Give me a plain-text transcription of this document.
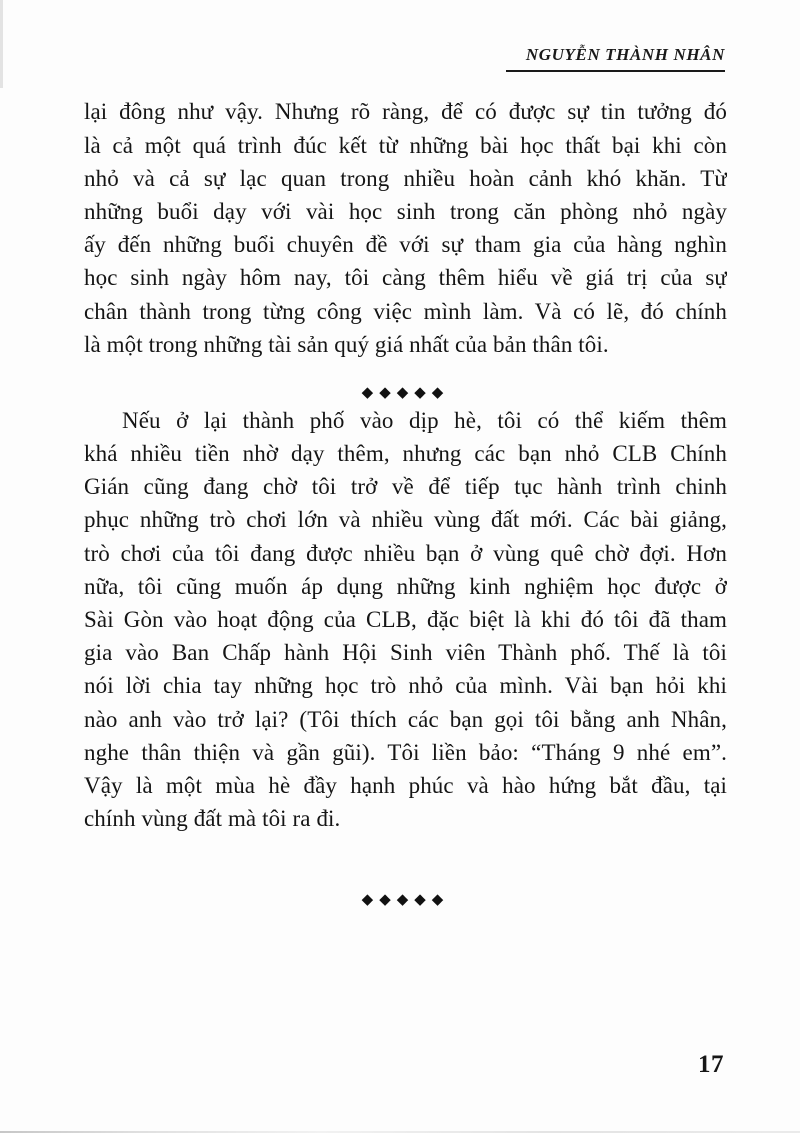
NGUYỄN THÀNH NHÂN
lại đông như vậy. Nhưng rõ ràng, để có được sự tin tưởng đó
là cả một quá trình đúc kết từ những bài học thất bại khi còn
nhỏ và cả sự lạc quan trong nhiều hoàn cảnh khó khăn. Từ
những buổi dạy với vài học sinh trong căn phòng nhỏ ngày
ấy đến những buổi chuyên đề với sự tham gia của hàng nghìn
học sinh ngày hôm nay, tôi càng thêm hiểu về giá trị của sự
chân thành trong từng công việc mình làm. Và có lẽ, đó chính
là một trong những tài sản quý giá nhất của bản thân tôi.
◆◆◆◆◆
Nếu ở lại thành phố vào dịp hè, tôi có thể kiếm thêm
khá nhiều tiền nhờ dạy thêm, nhưng các bạn nhỏ CLB Chính
Gián cũng đang chờ tôi trở về để tiếp tục hành trình chinh
phục những trò chơi lớn và nhiều vùng đất mới. Các bài giảng,
trò chơi của tôi đang được nhiều bạn ở vùng quê chờ đợi. Hơn
nữa, tôi cũng muốn áp dụng những kinh nghiệm học được ở
Sài Gòn vào hoạt động của CLB, đặc biệt là khi đó tôi đã tham
gia vào Ban Chấp hành Hội Sinh viên Thành phố. Thế là tôi
nói lời chia tay những học trò nhỏ của mình. Vài bạn hỏi khi
nào anh vào trở lại? (Tôi thích các bạn gọi tôi bằng anh Nhân,
nghe thân thiện và gần gũi). Tôi liền bảo: “Tháng 9 nhé em”.
Vậy là một mùa hè đầy hạnh phúc và hào hứng bắt đầu, tại
chính vùng đất mà tôi ra đi.
◆◆◆◆◆
17
